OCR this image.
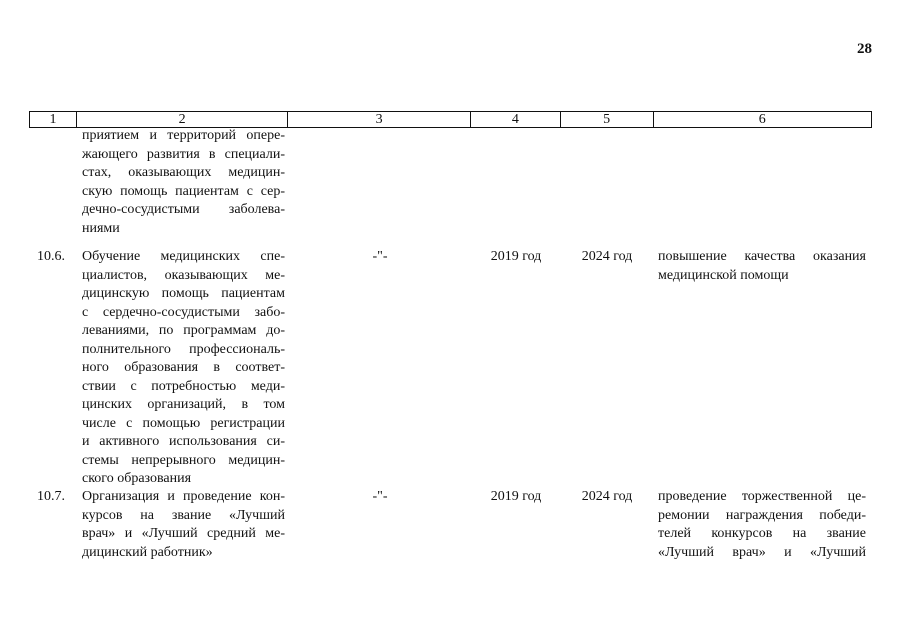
28
1	2	3	4	5	6
приятием и территорий опере-
жающего развития в специали-
стах, оказывающих медицин-
скую помощь пациентам с сер-
дечно-сосудистыми заболева-
ниями
10.6. Обучение медицинских спе-
циалистов, оказывающих ме-
дицинскую помощь пациентам
с сердечно-сосудистыми забо-
леваниями, по программам до-
полнительного профессиональ-
ного образования в соответ-
ствии с потребностью меди-
цинских организаций, в том
числе с помощью регистрации
и активного использования си-
стемы непрерывного медицин-
ского образования
-"-	2019 год	2024 год	повышение качества оказания
медицинской помощи
10.7. Организация и проведение кон-
курсов на звание «Лучший
врач» и «Лучший средний ме-
дицинский работник»
-"-	2019 год	2024 год	проведение торжественной це-
ремонии награждения победи-
телей конкурсов на звание
«Лучший врач» и «Лучший
